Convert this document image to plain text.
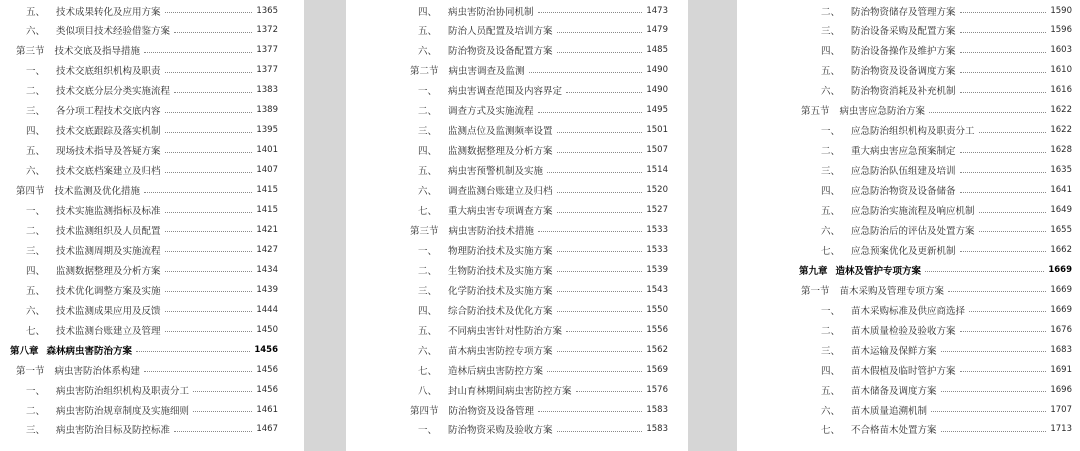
五、	技术成果转化及应用方案	1365
六、	类似项目技术经验借鉴方案	1372
第三节	技术交底及指导措施	1377
一、	技术交底组织机构及职责	1377
二、	技术交底分层分类实施流程	1383
三、	各分项工程技术交底内容	1389
四、	技术交底跟踪及落实机制	1395
五、	现场技术指导及答疑方案	1401
六、	技术交底档案建立及归档	1407
第四节	技术监测及优化措施	1415
一、	技术实施监测指标及标准	1415
二、	技术监测组织及人员配置	1421
三、	技术监测周期及实施流程	1427
四、	监测数据整理及分析方案	1434
五、	技术优化调整方案及实施	1439
六、	技术监测成果应用及反馈	1444
七、	技术监测台账建立及管理	1450
第八章 森林病虫害防治方案	1456
第一节	病虫害防治体系构建	1456
一、	病虫害防治组织机构及职责分工	1456
二、	病虫害防治规章制度及实施细则	1461
三、	病虫害防治目标及防控标准	1467
四、	病虫害防治协同机制	1473
五、	防治人员配置及培训方案	1479
六、	防治物资及设备配置方案	1485
第二节	病虫害调查及监测	1490
一、	病虫害调查范围及内容界定	1490
二、	调查方式及实施流程	1495
三、	监测点位及监测频率设置	1501
四、	监测数据整理及分析方案	1507
五、	病虫害预警机制及实施	1514
六、	调查监测台账建立及归档	1520
七、	重大病虫害专项调查方案	1527
第三节	病虫害防治技术措施	1533
一、	物理防治技术及实施方案	1533
二、	生物防治技术及实施方案	1539
三、	化学防治技术及实施方案	1543
四、	综合防治技术及优化方案	1550
五、	不同病虫害针对性防治方案	1556
六、	苗木病虫害防控专项方案	1562
七、	造林后病虫害防控方案	1569
八、	封山育林期间病虫害防控方案	1576
第四节	防治物资及设备管理	1583
一、	防治物资采购及验收方案	1583
二、	防治物资储存及管理方案	1590
三、	防治设备采购及配置方案	1596
四、	防治设备操作及维护方案	1603
五、	防治物资及设备调度方案	1610
六、	防治物资消耗及补充机制	1616
第五节	病虫害应急防治方案	1622
一、	应急防治组织机构及职责分工	1622
二、	重大病虫害应急预案制定	1628
三、	应急防治队伍组建及培训	1635
四、	应急防治物资及设备储备	1641
五、	应急防治实施流程及响应机制	1649
六、	应急防治后的评估及处置方案	1655
七、	应急预案优化及更新机制	1662
第九章 造林及管护专项方案	1669
第一节	苗木采购及管理专项方案	1669
一、	苗木采购标准及供应商选择	1669
二、	苗木质量检验及验收方案	1676
三、	苗木运输及保鲜方案	1683
四、	苗木假植及临时管护方案	1691
五、	苗木储备及调度方案	1696
六、	苗木质量追溯机制	1707
七、	不合格苗木处置方案	1713
